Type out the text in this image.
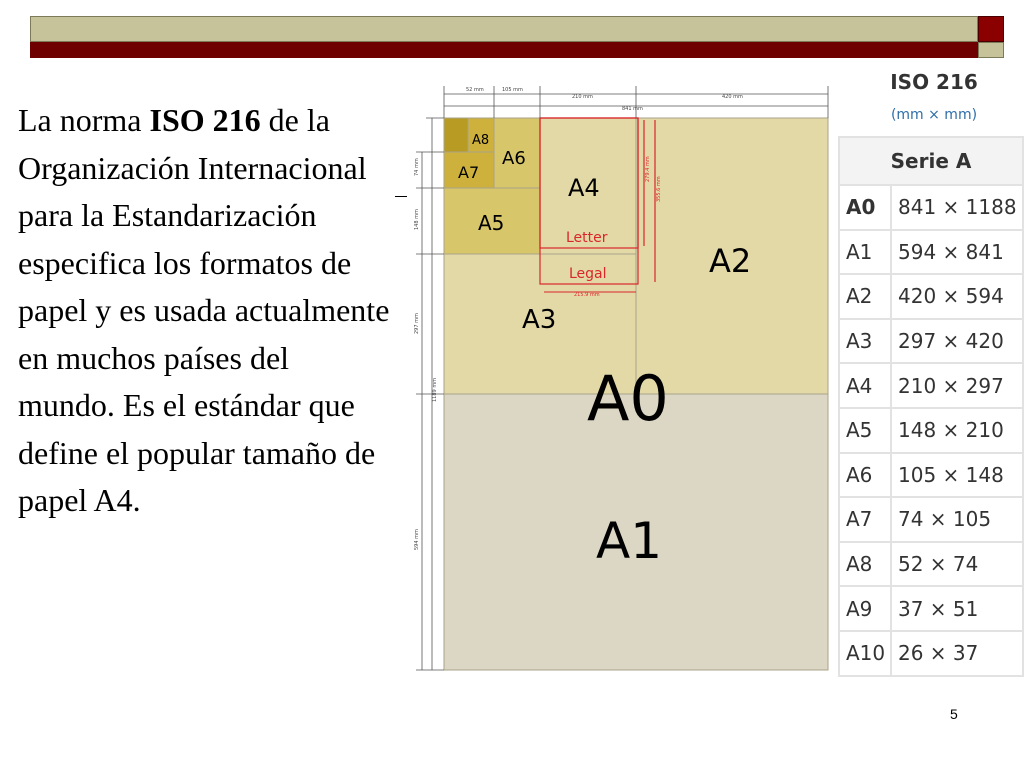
La norma ISO 216 de la Organización Internacional para la Estandarización especifica los formatos de papel y es usada actualmente en muchos países del mundo. Es el estándar que define el popular tamaño de papel A4.
279.4 mm
355.6 mm
215.9 mm
Letter
Legal
A0
A1
A2
A3
A4
A5
A6
A7
A8
52 mm	105 mm
210 mm	420 mm
841 mm
74 mm
148 mm
297 mm
1189 mm
594 mm
ISO 216
(mm × mm)
Serie A	
A0	841 × 1188
A1	594 × 841
A2	420 × 594
A3	297 × 420
A4	210 × 297
A5	148 × 210
A6	105 × 148
A7	74 × 105
A8	52 × 74
A9	37 × 51
A10	26 × 37
5
